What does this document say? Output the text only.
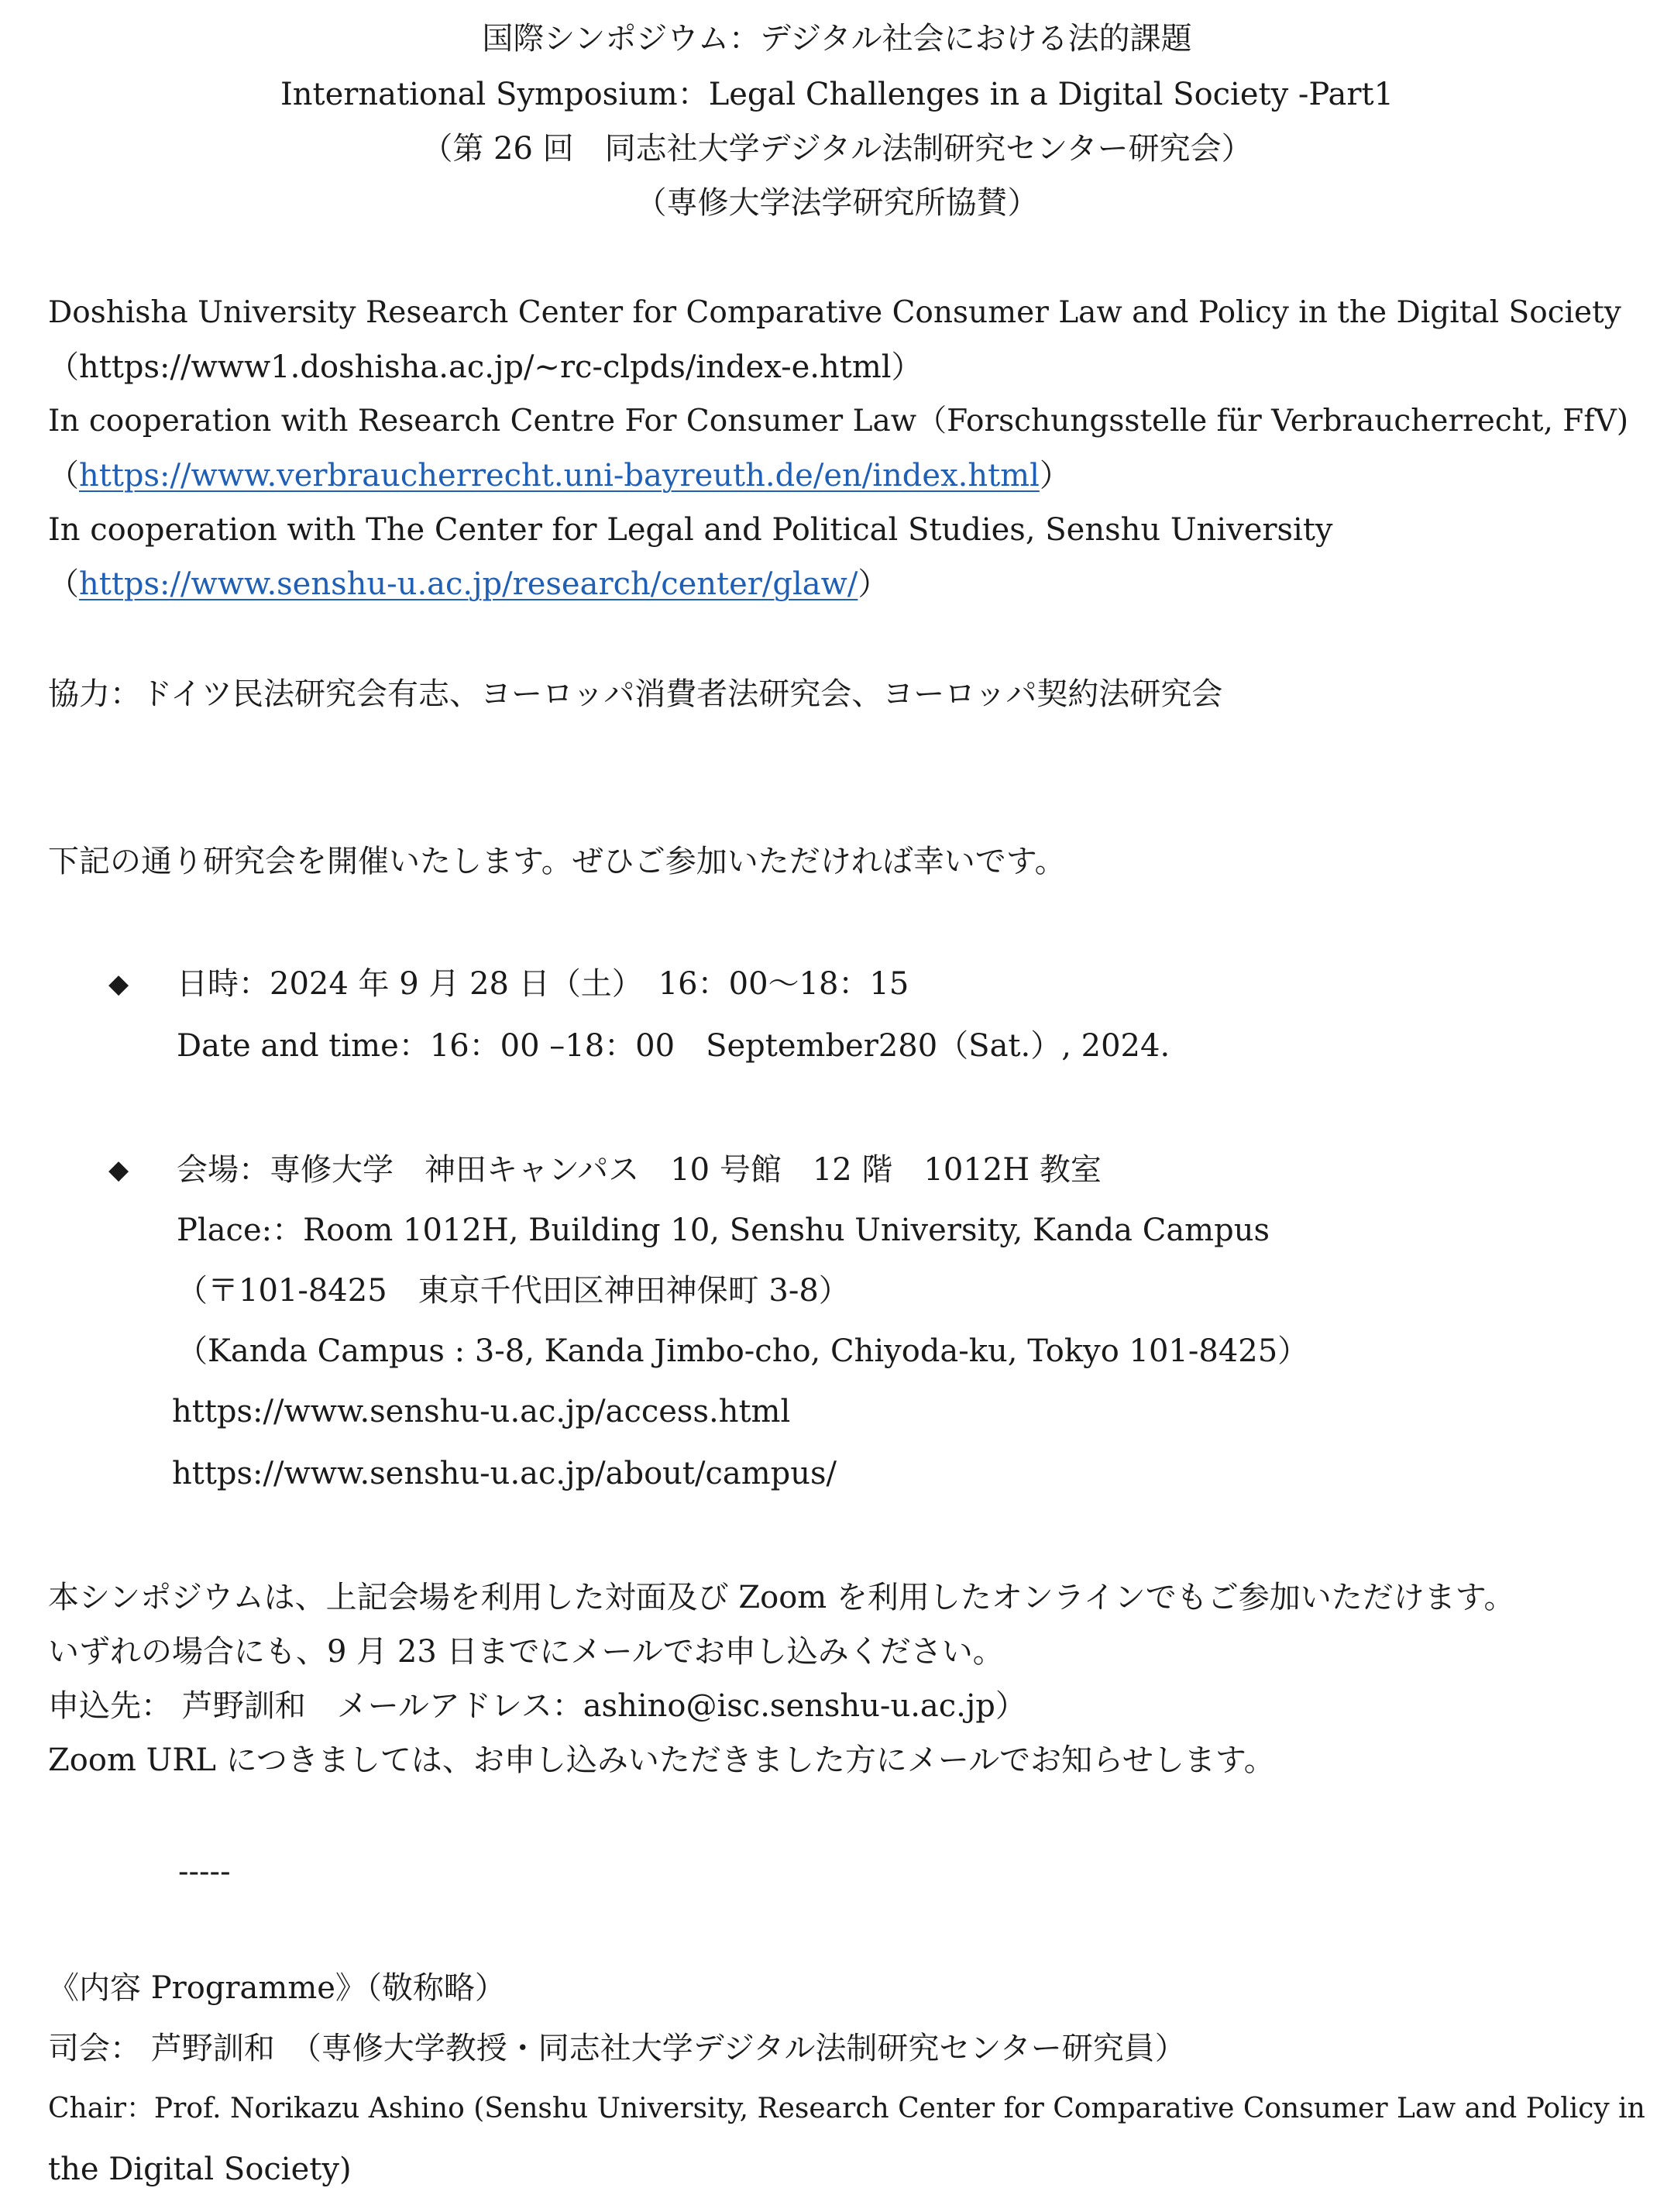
国際シンポジウム：デジタル社会における法的課題
International Symposium：Legal Challenges in a Digital Society -Part1
（第 26 回　同志社大学デジタル法制研究センター研究会）
（専修大学法学研究所協賛）
Doshisha University Research Center for Comparative Consumer Law and Policy in the Digital Society
（https://www1.doshisha.ac.jp/~rc-clpds/index-e.html）
In cooperation with Research Centre For Consumer Law（Forschungsstelle für Verbraucherrecht, FfV)
（https://www.verbraucherrecht.uni-bayreuth.de/en/index.html）
In cooperation with The Center for Legal and Political Studies, Senshu University
（https://www.senshu-u.ac.jp/research/center/glaw/）
協力：ドイツ民法研究会有志、ヨーロッパ消費者法研究会、ヨーロッパ契約法研究会
下記の通り研究会を開催いたします。ぜひご参加いただければ幸いです。
◆ 日時：2024 年 9 月 28 日（土）　16：00～18：15
Date and time：16：00 –18：00　September280（Sat.）, 2024.
◆ 会場：専修大学　神田キャンパス　10 号館　12 階　1012H 教室
Place:：Room 1012H, Building 10, Senshu University, Kanda Campus
（〒101-8425　東京千代田区神田神保町 3-8）
（Kanda Campus : 3-8, Kanda Jimbo-cho, Chiyoda-ku, Tokyo 101-8425）
https://www.senshu-u.ac.jp/access.html
https://www.senshu-u.ac.jp/about/campus/
本シンポジウムは、上記会場を利用した対面及び Zoom を利用したオンラインでもご参加いただけます。
いずれの場合にも、9 月 23 日までにメールでお申し込みください。
申込先： 芦野訓和　メールアドレス：ashino@isc.senshu-u.ac.jp）
Zoom URL につきましては、お申し込みいただきました方にメールでお知らせします。
-----
《内容 Programme》（敬称略）
司会： 芦野訓和　（専修大学教授・同志社大学デジタル法制研究センター研究員）
Chair：Prof. Norikazu Ashino (Senshu University, Research Center for Comparative Consumer Law and Policy in
the Digital Society)
